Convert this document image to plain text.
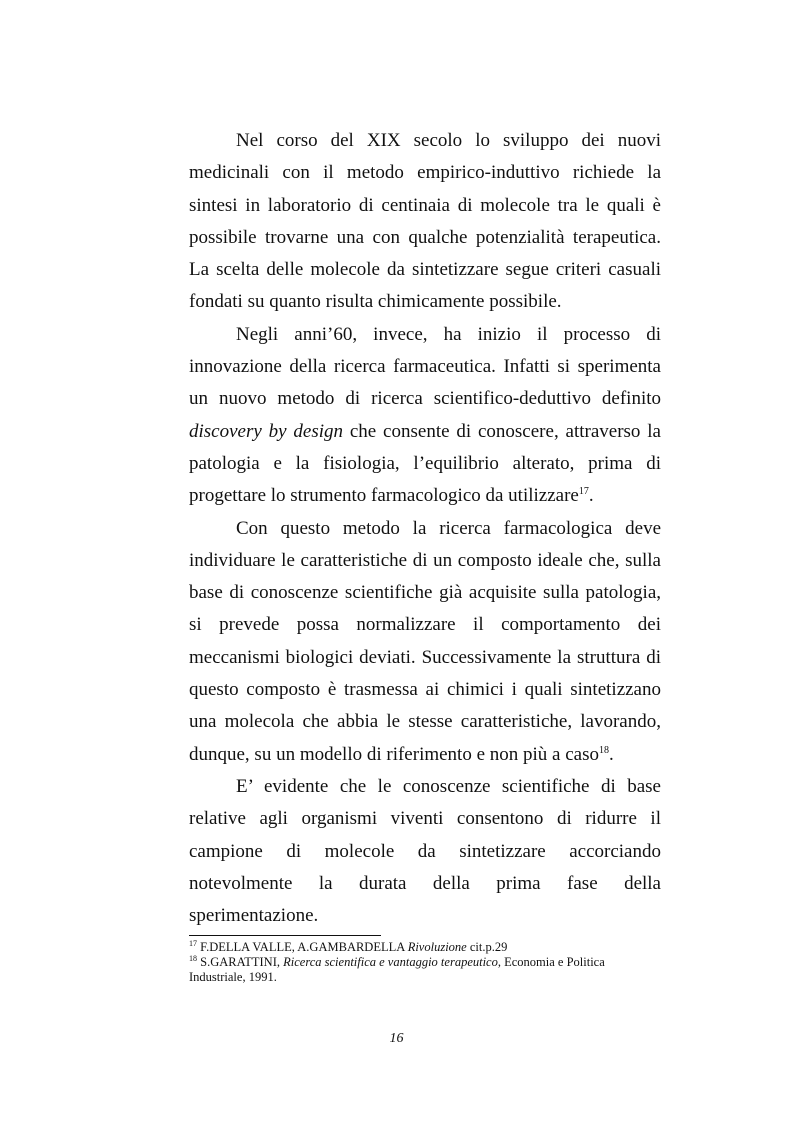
Nel corso del XIX secolo lo sviluppo dei nuovi medicinali con il metodo empirico-induttivo richiede la sintesi in laboratorio di centinaia di molecole tra le quali è possibile trovarne una con qualche potenzialità terapeutica. La scelta delle molecole da sintetizzare segue criteri casuali fondati su quanto risulta chimicamente possibile.

Negli anni’60, invece, ha inizio il processo di innovazione della ricerca farmaceutica. Infatti si sperimenta un nuovo metodo di ricerca scientifico-deduttivo definito discovery by design che consente di conoscere, attraverso la patologia e la fisiologia, l’equilibrio alterato, prima di progettare lo strumento farmacologico da utilizzare$^{17}$.

Con questo metodo la ricerca farmacologica deve individuare le caratteristiche di un composto ideale che, sulla base di conoscenze scientifiche già acquisite sulla patologia, si prevede possa normalizzare il comportamento dei meccanismi biologici deviati. Successivamente la struttura di questo composto è trasmessa ai chimici i quali sintetizzano una molecola che abbia le stesse caratteristiche, lavorando, dunque, su un modello di riferimento e non più a caso$^{18}$.

E’ evidente che le conoscenze scientifiche di base relative agli organismi viventi consentono di ridurre il campione di molecole da sintetizzare accorciando notevolmente la durata della prima fase della sperimentazione.

$^{17}$ F.DELLA VALLE, A.GAMBARDELLA Rivoluzione cit.p.29

$^{18}$ S.GARATTINI, Ricerca scientifica e vantaggio terapeutico, Economia e Politica Industriale, 1991.

16
